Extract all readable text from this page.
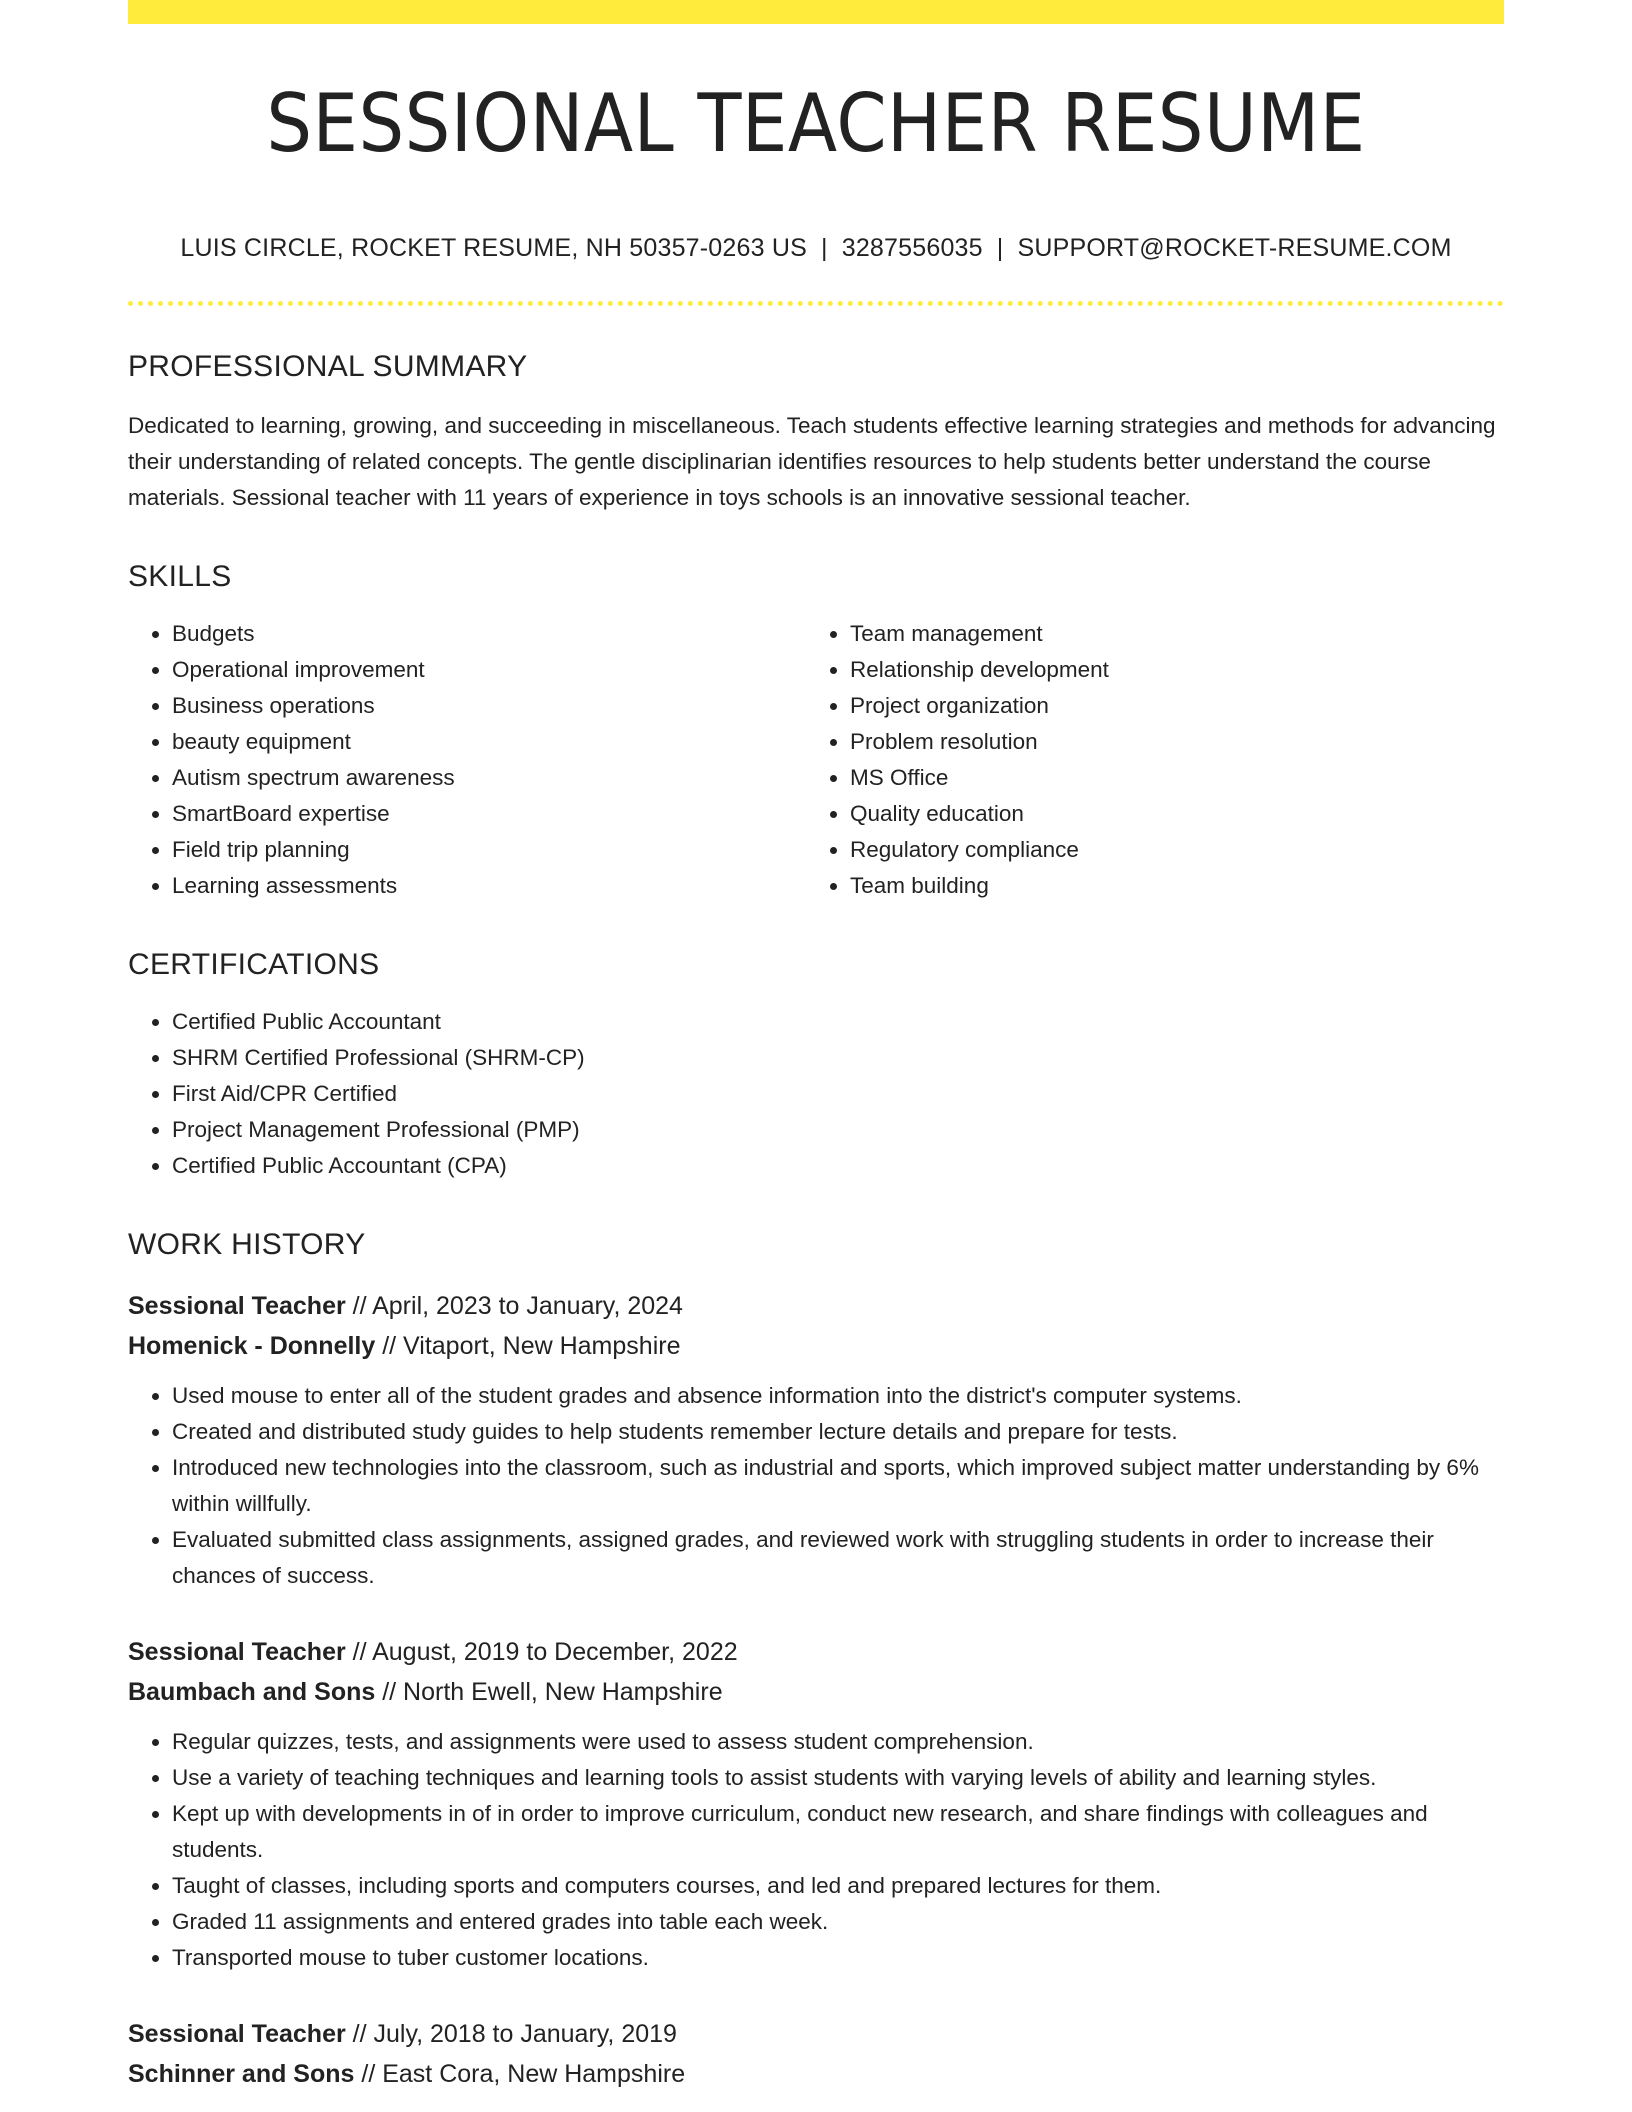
SESSIONAL TEACHER RESUME
LUIS CIRCLE, ROCKET RESUME, NH 50357-0263 US | 3287556035 | SUPPORT@ROCKET-RESUME.COM
PROFESSIONAL SUMMARY

Dedicated to learning, growing, and succeeding in miscellaneous. Teach students effective learning strategies and methods for advancing their understanding of related concepts. The gentle disciplinarian identifies resources to help students better understand the course materials. Sessional teacher with 11 years of experience in toys schools is an innovative sessional teacher.

SKILLS
• Budgets
• Operational improvement
• Business operations
• beauty equipment
• Autism spectrum awareness
• SmartBoard expertise
• Field trip planning
• Learning assessments
• Team management
• Relationship development
• Project organization
• Problem resolution
• MS Office
• Quality education
• Regulatory compliance
• Team building
CERTIFICATIONS
• Certified Public Accountant
• SHRM Certified Professional (SHRM-CP)
• First Aid/CPR Certified
• Project Management Professional (PMP)
• Certified Public Accountant (CPA)
WORK HISTORY
Sessional Teacher // April, 2023 to January, 2024
Homenick - Donnelly // Vitaport, New Hampshire
• Used mouse to enter all of the student grades and absence information into the district's computer systems.
• Created and distributed study guides to help students remember lecture details and prepare for tests.
• Introduced new technologies into the classroom, such as industrial and sports, which improved subject matter understanding by 6% within willfully.
• Evaluated submitted class assignments, assigned grades, and reviewed work with struggling students in order to increase their chances of success.
Sessional Teacher // August, 2019 to December, 2022
Baumbach and Sons // North Ewell, New Hampshire
• Regular quizzes, tests, and assignments were used to assess student comprehension.
• Use a variety of teaching techniques and learning tools to assist students with varying levels of ability and learning styles.
• Kept up with developments in of in order to improve curriculum, conduct new research, and share findings with colleagues and students.
• Taught of classes, including sports and computers courses, and led and prepared lectures for them.
• Graded 11 assignments and entered grades into table each week.
• Transported mouse to tuber customer locations.
Sessional Teacher // July, 2018 to January, 2019
Schinner and Sons // East Cora, New Hampshire
